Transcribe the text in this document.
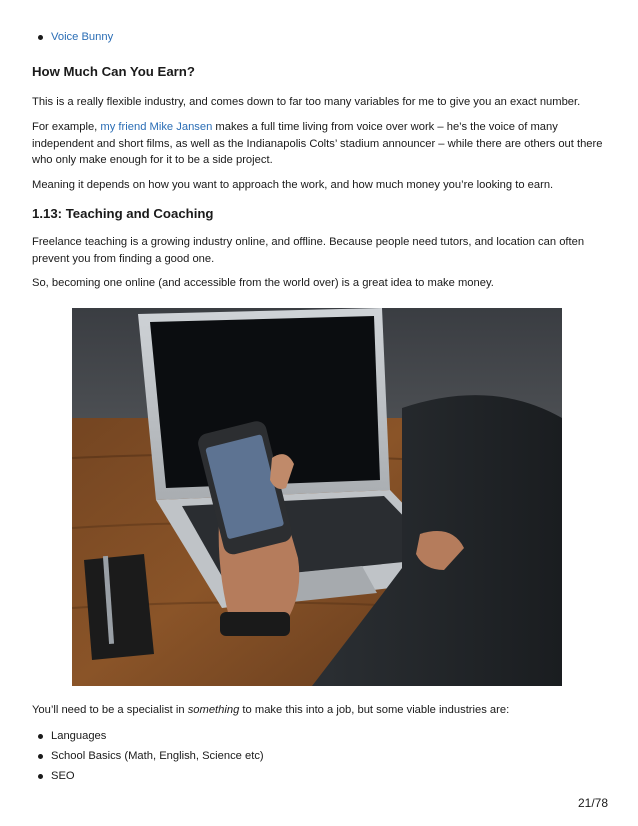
Voice Bunny
How Much Can You Earn?

This is a really flexible industry, and comes down to far too many variables for me to give you an exact number.

For example, my friend Mike Jansen makes a full time living from voice over work – he’s the voice of many independent and short films, as well as the Indianapolis Colts’ stadium announcer – while there are others out there who only make enough for it to be a side project.

Meaning it depends on how you want to approach the work, and how much money you’re looking to earn.

1.13: Teaching and Coaching

Freelance teaching is a growing industry online, and offline. Because people need tutors, and location can often prevent you from finding a good one.

So, becoming one online (and accessible from the world over) is a great idea to make money.

You’ll need to be a specialist in something to make this into a job, but some viable industries are:

Languages
School Basics (Math, English, Science etc)
SEO
21/78
